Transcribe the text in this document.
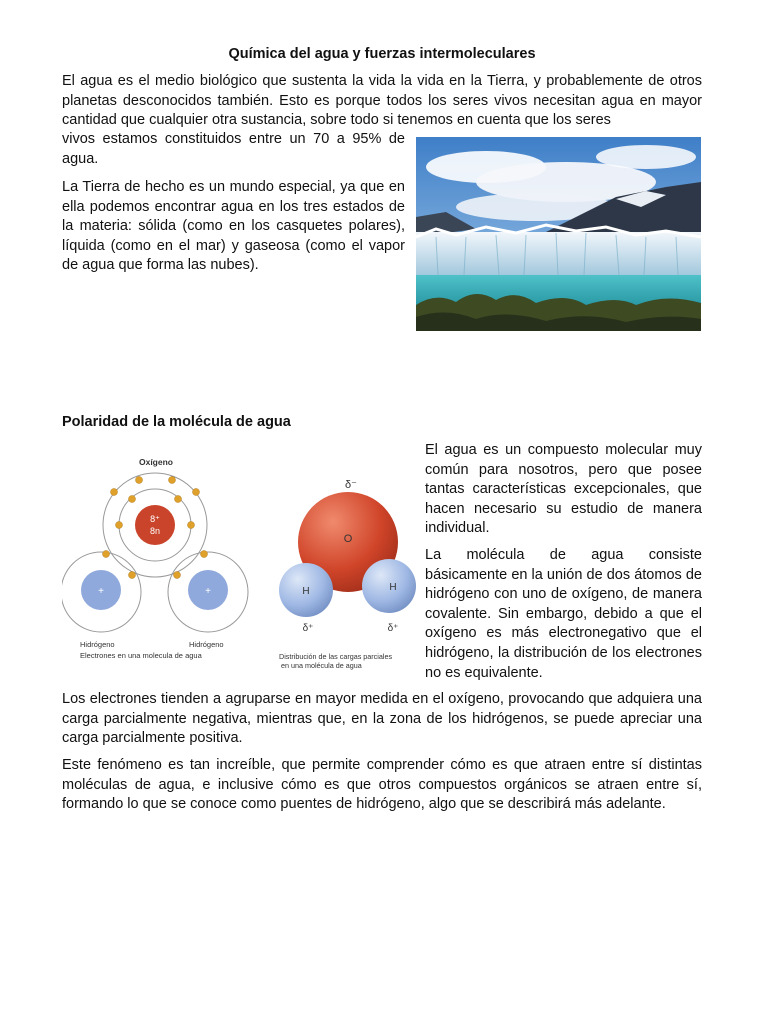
Química del agua y fuerzas intermoleculares

El agua es el medio biológico que sustenta la vida la vida en la Tierra, y probablemente de otros planetas desconocidos también. Esto es porque todos los seres vivos necesitan agua en mayor cantidad que cualquier otra sustancia, sobre todo si tenemos en cuenta que los seres

vivos estamos constituidos entre un 70 a 95% de agua.

La Tierra de hecho es un mundo especial, ya que en ella podemos encontrar agua en los tres estados de la materia: sólida (como en los casquetes polares), líquida (como en el mar) y gaseosa (como el vapor de agua que forma las nubes).

Polaridad de la molécula de agua
Oxígeno
8⁺
8n
+	+
Hidrógeno	Hidrógeno
Electrones en una molecula de agua
δ⁻
O
H	H
δ⁺	δ⁺
Distribución de las cargas parciales
en una molécula de agua

El agua es un compuesto molecular muy común para nosotros, pero que posee tantas características excepcionales, que hacen necesario su estudio de manera individual.

La molécula de agua consiste básicamente en la unión de dos átomos de hidrógeno con uno de oxígeno, de manera covalente. Sin embargo, debido a que el oxígeno es más electronegativo que el hidrógeno, la distribución de los electrones no es equivalente.

Los electrones tienden a agruparse en mayor medida en el oxígeno, provocando que adquiera una carga parcialmente negativa, mientras que, en la zona de los hidrógenos, se puede apreciar una carga parcialmente positiva.

Este fenómeno es tan increíble, que permite comprender cómo es que atraen entre sí distintas moléculas de agua, e inclusive cómo es que otros compuestos orgánicos se atraen entre sí, formando lo que se conoce como puentes de hidrógeno, algo que se describirá más adelante.
